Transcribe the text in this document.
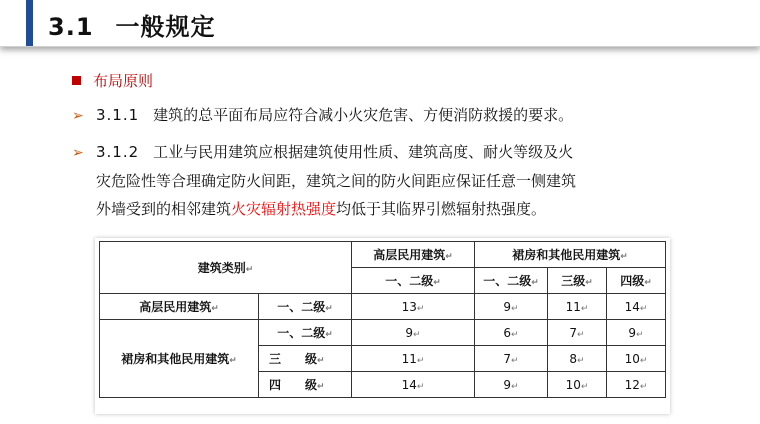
3.1 一般规定
布局原则
➢ 3.1.1 建筑的总平面布局应符合减小火灾危害、方便消防救援的要求。
➢ 3.1.2 工业与民用建筑应根据建筑使用性质、建筑高度、耐火等级及火
灾危险性等合理确定防火间距，建筑之间的防火间距应保证任意一侧建筑
外墙受到的相邻建筑火灾辐射热强度均低于其临界引燃辐射热强度。
建筑类别↵		高层民用建筑↵	裙房和其他民用建筑↵		
		一、二级↵	一、二级↵	三级↵	四级↵
高层民用建筑↵	一、二级↵	13↵	9↵	11↵	14↵
裙房和其他民用建筑↵	一、二级↵	9↵	6↵	7↵	9↵
	三　　级↵	11↵	7↵	8↵	10↵
	四　　级↵	14↵	9↵	10↵	12↵
